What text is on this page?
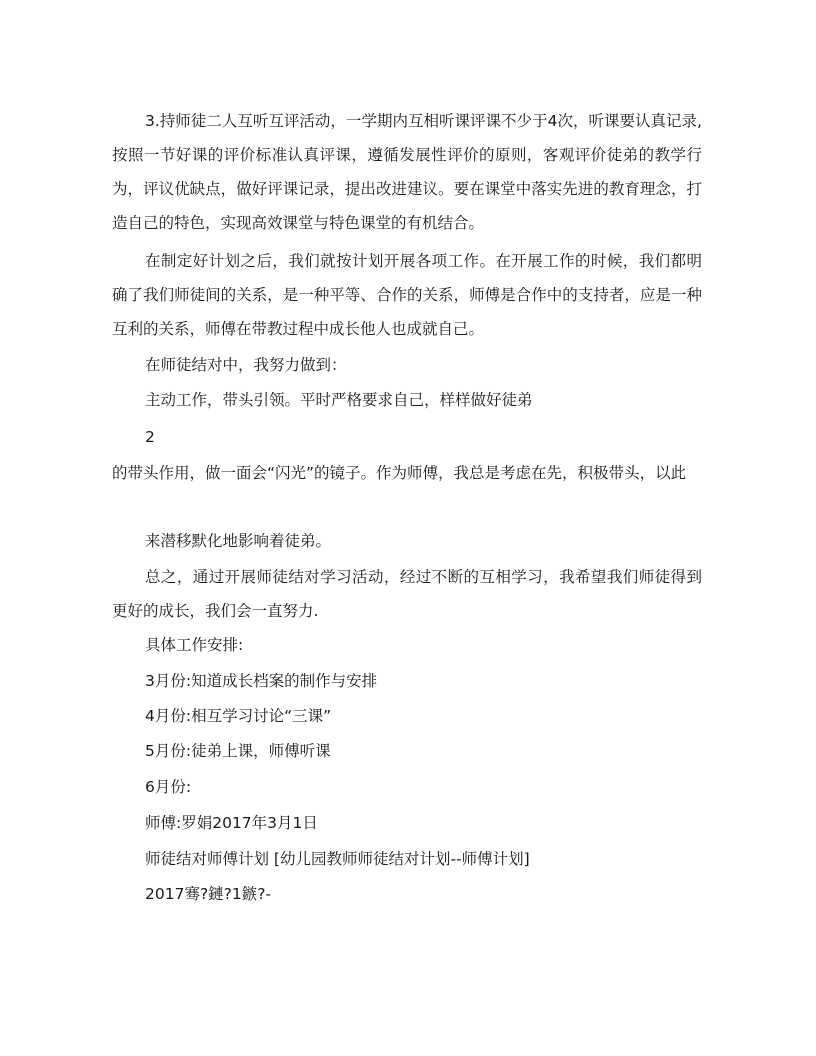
3.持师徒二人互听互评活动，一学期内互相听课评课不少于4次，听课要认真记录,按照一节好课的评价标准认真评课，遵循发展性评价的原则，客观评价徒弟的教学行为，评议优缺点，做好评课记录，提出改进建议。要在课堂中落实先进的教育理念，打造自己的特色，实现高效课堂与特色课堂的有机结合。
在制定好计划之后，我们就按计划开展各项工作。在开展工作的时候，我们都明确了我们师徒间的关系，是一种平等、合作的关系，师傅是合作中的支持者，应是一种互利的关系，师傅在带教过程中成长他人也成就自己。
在师徒结对中，我努力做到：
主动工作，带头引领。平时严格要求自己，样样做好徒弟
2
的带头作用，做一面会“闪光”的镜子。作为师傅，我总是考虑在先，积极带头，以此
来潜移默化地影响着徒弟。
总之，通过开展师徒结对学习活动，经过不断的互相学习，我希望我们师徒得到更好的成长，我们会一直努力.
具体工作安排:
3月份:知道成长档案的制作与安排
4月份:相互学习讨论“三课”
5月份:徒弟上课，师傅听课
6月份:
师傅:罗娟2017年3月1日
师徒结对师傅计划 [幼儿园教师师徒结对计划--师傅计划]
2017骞?鏈?1鏃?-
